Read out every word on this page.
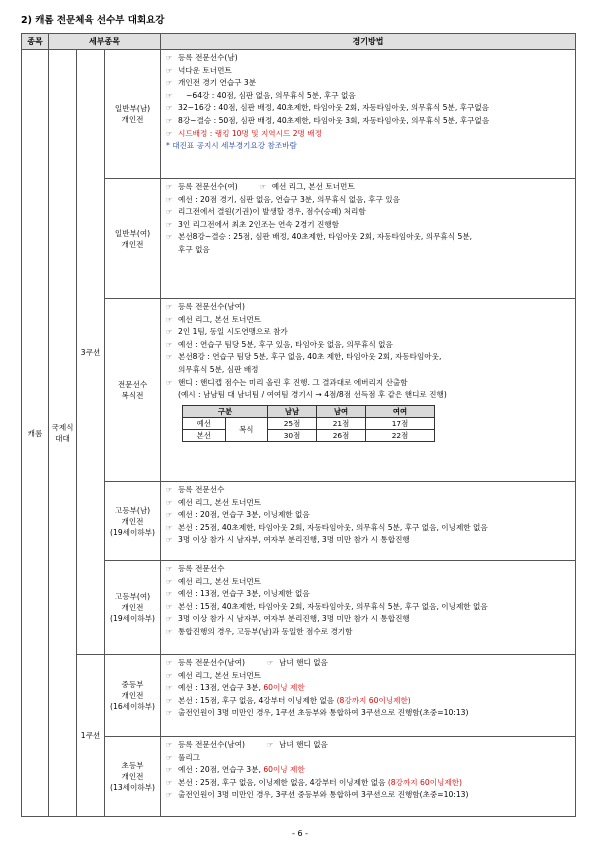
2) 캐롬 전문체육 선수부 대회요강
종목	세부종목	경기방법
캐롬	
국제식
대대
	3쿠션	
일반부(남)
개인전

☞등록 전문선수(남)
☞넉다운 토너먼트
☞개인전 경기 연습구 3분
☞~64강 : 40점, 심판 없음, 의무휴식 5분, 후구 없음
☞32~16강 : 40점, 심판 배정, 40초제한, 타임아웃 2회, 자동타임아웃, 의무휴식 5분, 후구없음
☞8강~결승 : 50점, 심판 배정, 40초제한, 타임아웃 3회, 자동타임아웃, 의무휴식 5분, 후구없음
☞시드배정 : 랭킹 10명 및 지역시드 2명 배정
* 대진표 공지시 세부경기요강 참조바람

일반부(여)
개인전

☞등록 전문선수(여) ☞	예선 리그, 본선 토너먼트
☞예선 : 20점 경기, 심판 없음, 연습구 3분, 의무휴식 없음, 후구 있음
☞리그전에서 결원(기권)이 발생할 경우, 점수(승패) 처리함
☞3인 리그전에서 최초 2인조는 연속 2경기 진행함
☞본선8강~결승 : 25점, 심판 배정, 40초제한, 타임아웃 2회, 자동타임아웃, 의무휴식 5분,
후구 없음

전문선수
복식전

☞등록 전문선수(남여)
☞예선 리그, 본선 토너먼트
☞2인 1팀, 동일 시도연맹으로 참가
☞예선 : 연습구 팀당 5분, 후구 있음, 타임아웃 없음, 의무휴식 없음
☞본선8강 : 연습구 팀당 5분, 후구 없음, 40초 제한, 타임아웃 2회, 자동타임아웃,
의무휴식 5분, 심판 배정
☞핸디 : 핸디캡 점수는 미리 올린 후 진행. 그 결과대로 에버리지 산출함
(예시 : 남남팀 대 남녀팀 / 여여팀 경기시 → 4점/8점 선득점 후 같은 핸디로 진행)
구분	남남	남여	여여
예선	복식	25점	21점	17점
본선	30점	26점	22점

고등부(남)
개인전
(19세이하부)

☞등록 전문선수
☞예선 리그, 본선 토너먼트
☞예선 : 20점, 연습구 3분, 이닝제한 없음
☞본선 : 25점, 40초제한, 타임아웃 2회, 자동타임아웃, 의무휴식 5분, 후구 없음, 이닝제한 없음
☞3명 이상 참가 시 남자부, 여자부 분리진행, 3명 미만 참가 시 통합진행

고등부(여)
개인전
(19세이하부)

☞등록 전문선수
☞예선 리그, 본선 토너먼트
☞예선 : 13점, 연습구 3분, 이닝제한 없음
☞본선 : 15점, 40초제한, 타임아웃 2회, 자동타임아웃, 의무휴식 5분, 후구 없음, 이닝제한 없음
☞3명 이상 참가 시 남자부, 여자부 분리진행, 3명 미만 참가 시 통합진행
☞통합진행의 경우, 고등부(남)과 동일한 점수로 경기함

1쿠션	
중등부
개인전
(16세이하부)

☞등록 전문선수(남여) ☞	남녀 핸디 없음
☞예선 리그, 본선 토너먼트
☞예선 : 13점, 연습구 3분, 60이닝 제한
☞본선 : 15점, 후구 없음, 4강부터 이닝제한 없음 (8강까지 60이닝제한)
☞출전인원이 3명 미만인 경우, 1쿠션 초등부와 통합하여 3쿠션으로 진행함(초중=10:13)

초등부
개인전
(13세이하부)

☞등록 전문선수(남여) ☞	남녀 핸디 없음
☞풀리그
☞예선 : 20점, 연습구 3분, 60이닝 제한
☞본선 : 25점, 후구 없음, 이닝제한 없음, 4강부터 이닝제한 없음 (8강까지 60이닝제한)
☞출전인원이 3명 미만인 경우, 3쿠션 중등부와 통합하여 3쿠션으로 진행함(초중=10:13)
- 6 -
